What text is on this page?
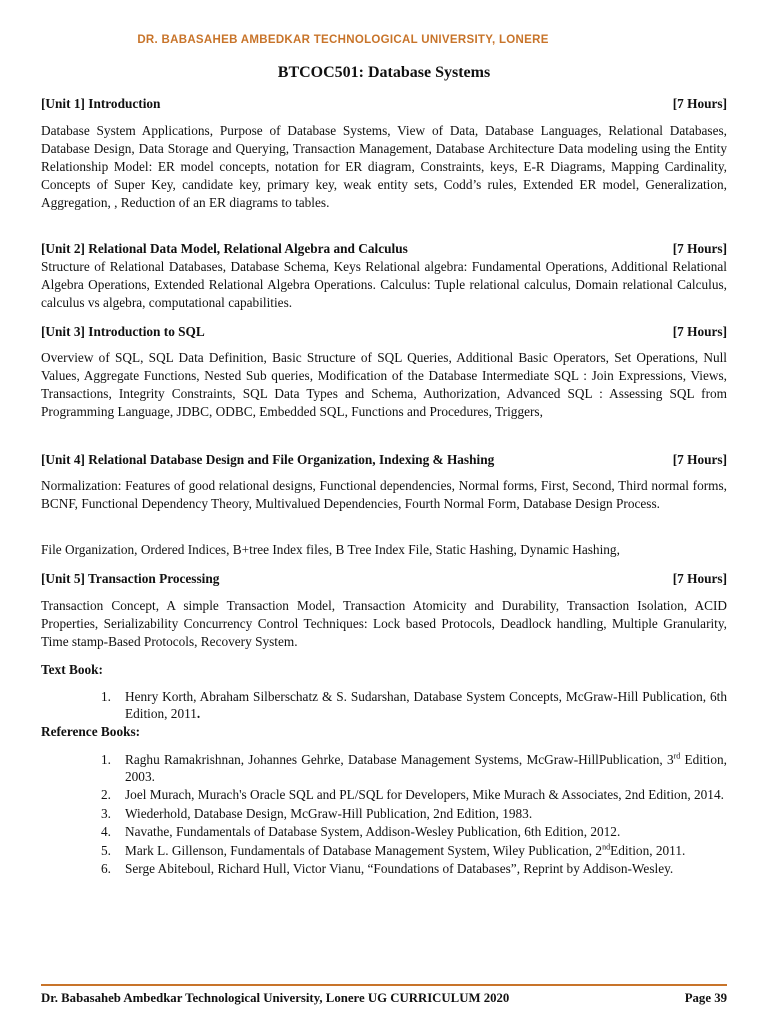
DR. BABASAHEB AMBEDKAR TECHNOLOGICAL UNIVERSITY, LONERE
BTCOC501: Database Systems
[Unit 1] Introduction	[7 Hours]
Database System Applications, Purpose of Database Systems, View of Data, Database Languages, Relational Databases, Database Design, Data Storage and Querying, Transaction Management, Database Architecture Data modeling using the Entity Relationship Model: ER model concepts, notation for ER diagram, Constraints, keys, E-R Diagrams, Mapping Cardinality, Concepts of Super Key, candidate key, primary key, weak entity sets, Codd’s rules, Extended ER model, Generalization, Aggregation, , Reduction of an ER diagrams to tables.
[Unit 2] Relational Data Model, Relational Algebra and Calculus	[7 Hours]
Structure of Relational Databases, Database Schema, Keys Relational algebra: Fundamental Operations, Additional Relational Algebra Operations, Extended Relational Algebra Operations. Calculus: Tuple relational calculus, Domain relational Calculus, calculus vs algebra, computational capabilities.
[Unit 3] Introduction to SQL	[7 Hours]
Overview of SQL, SQL Data Definition, Basic Structure of SQL Queries, Additional Basic Operators, Set Operations, Null Values, Aggregate Functions, Nested Sub queries, Modification of the Database Intermediate SQL : Join Expressions, Views, Transactions, Integrity Constraints, SQL Data Types and Schema, Authorization, Advanced SQL : Assessing SQL from Programming Language, JDBC, ODBC, Embedded SQL, Functions and Procedures, Triggers,
[Unit 4] Relational Database Design and File Organization, Indexing & Hashing	[7 Hours]
Normalization: Features of good relational designs, Functional dependencies, Normal forms, First, Second, Third normal forms, BCNF, Functional Dependency Theory, Multivalued Dependencies, Fourth Normal Form, Database Design Process.
File Organization, Ordered Indices, B+tree Index files, B Tree Index File, Static Hashing, Dynamic Hashing,
[Unit 5] Transaction Processing	[7 Hours]
Transaction Concept, A simple Transaction Model, Transaction Atomicity and Durability, Transaction Isolation, ACID Properties, Serializability Concurrency Control Techniques: Lock based Protocols, Deadlock handling, Multiple Granularity, Time stamp-Based Protocols, Recovery System.
Text Book:
1. Henry Korth, Abraham Silberschatz & S. Sudarshan, Database System Concepts, McGraw-Hill Publication, 6th Edition, 2011.
Reference Books:
1. Raghu Ramakrishnan, Johannes Gehrke, Database Management Systems, McGraw-HillPublication, 3rd Edition, 2003.
2. Joel Murach, Murach's Oracle SQL and PL/SQL for Developers, Mike Murach & Associates, 2nd Edition, 2014.
3. Wiederhold, Database Design, McGraw-Hill Publication, 2nd Edition, 1983.
4. Navathe, Fundamentals of Database System, Addison-Wesley Publication, 6th Edition, 2012.
5. Mark L. Gillenson, Fundamentals of Database Management System, Wiley Publication, 2ndEdition, 2011.
6. Serge Abiteboul, Richard Hull, Victor Vianu, “Foundations of Databases”, Reprint by Addison-Wesley.
Dr. Babasaheb Ambedkar Technological University, Lonere UG CURRICULUM 2020	Page 39
